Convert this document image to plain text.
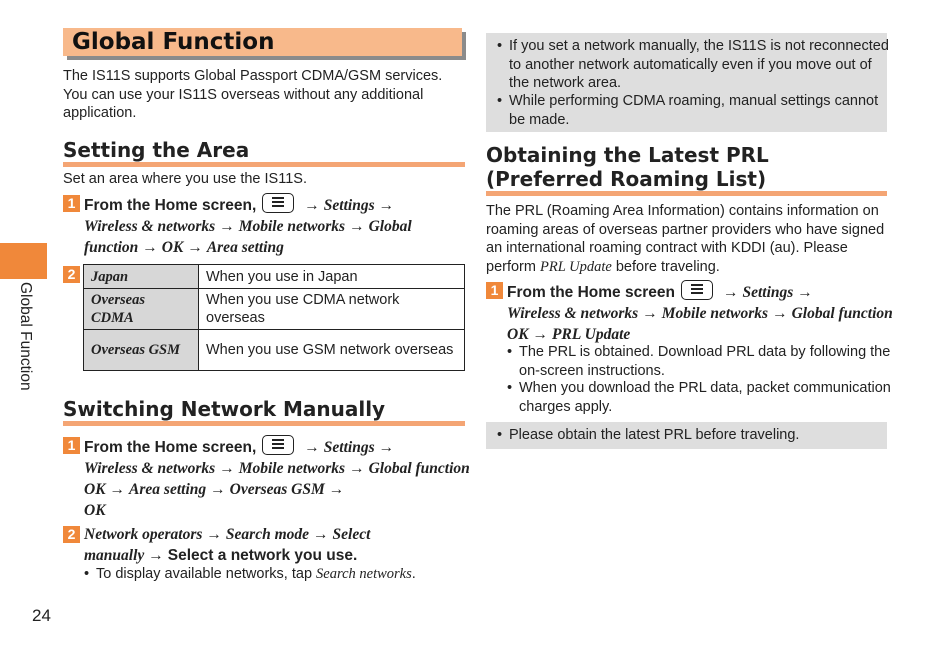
Global Function
24
Global Function
The IS11S supports Global Passport CDMA/GSM services. You can use your IS11S overseas without any additional application.
Setting the Area
Set an area where you use the IS11S.
1 From the Home screen,	→ Settings →
Wireless & networks → Mobile networks → Global function → OK → Area setting
2	Japan	When you use in Japan
Overseas CDMA	When you use CDMA network overseas
Overseas GSM	When you use GSM network overseas
Switching Network Manually
1 From the Home screen,	→ Settings →
Wireless & networks → Mobile networks → Global function
OK → Area setting → Overseas GSM →
OK
2 Network operators → Search mode → Select manually → Select a network you use.
• To display available networks, tap Search networks.
• If you set a network manually, the IS11S is not reconnected to another network automatically even if you move out of the network area.
• While performing CDMA roaming, manual settings cannot be made.
Obtaining the Latest PRL
(Preferred Roaming List)
The PRL (Roaming Area Information) contains information on roaming areas of overseas partner providers who have signed an international roaming contract with KDDI (au). Please perform PRL Update before traveling.
1 From the Home screen	→ Settings →
Wireless & networks → Mobile networks → Global function
OK → PRL Update
• The PRL is obtained. Download PRL data by following the on-screen instructions.
• When you download the PRL data, packet communication charges apply.
• Please obtain the latest PRL before traveling.
